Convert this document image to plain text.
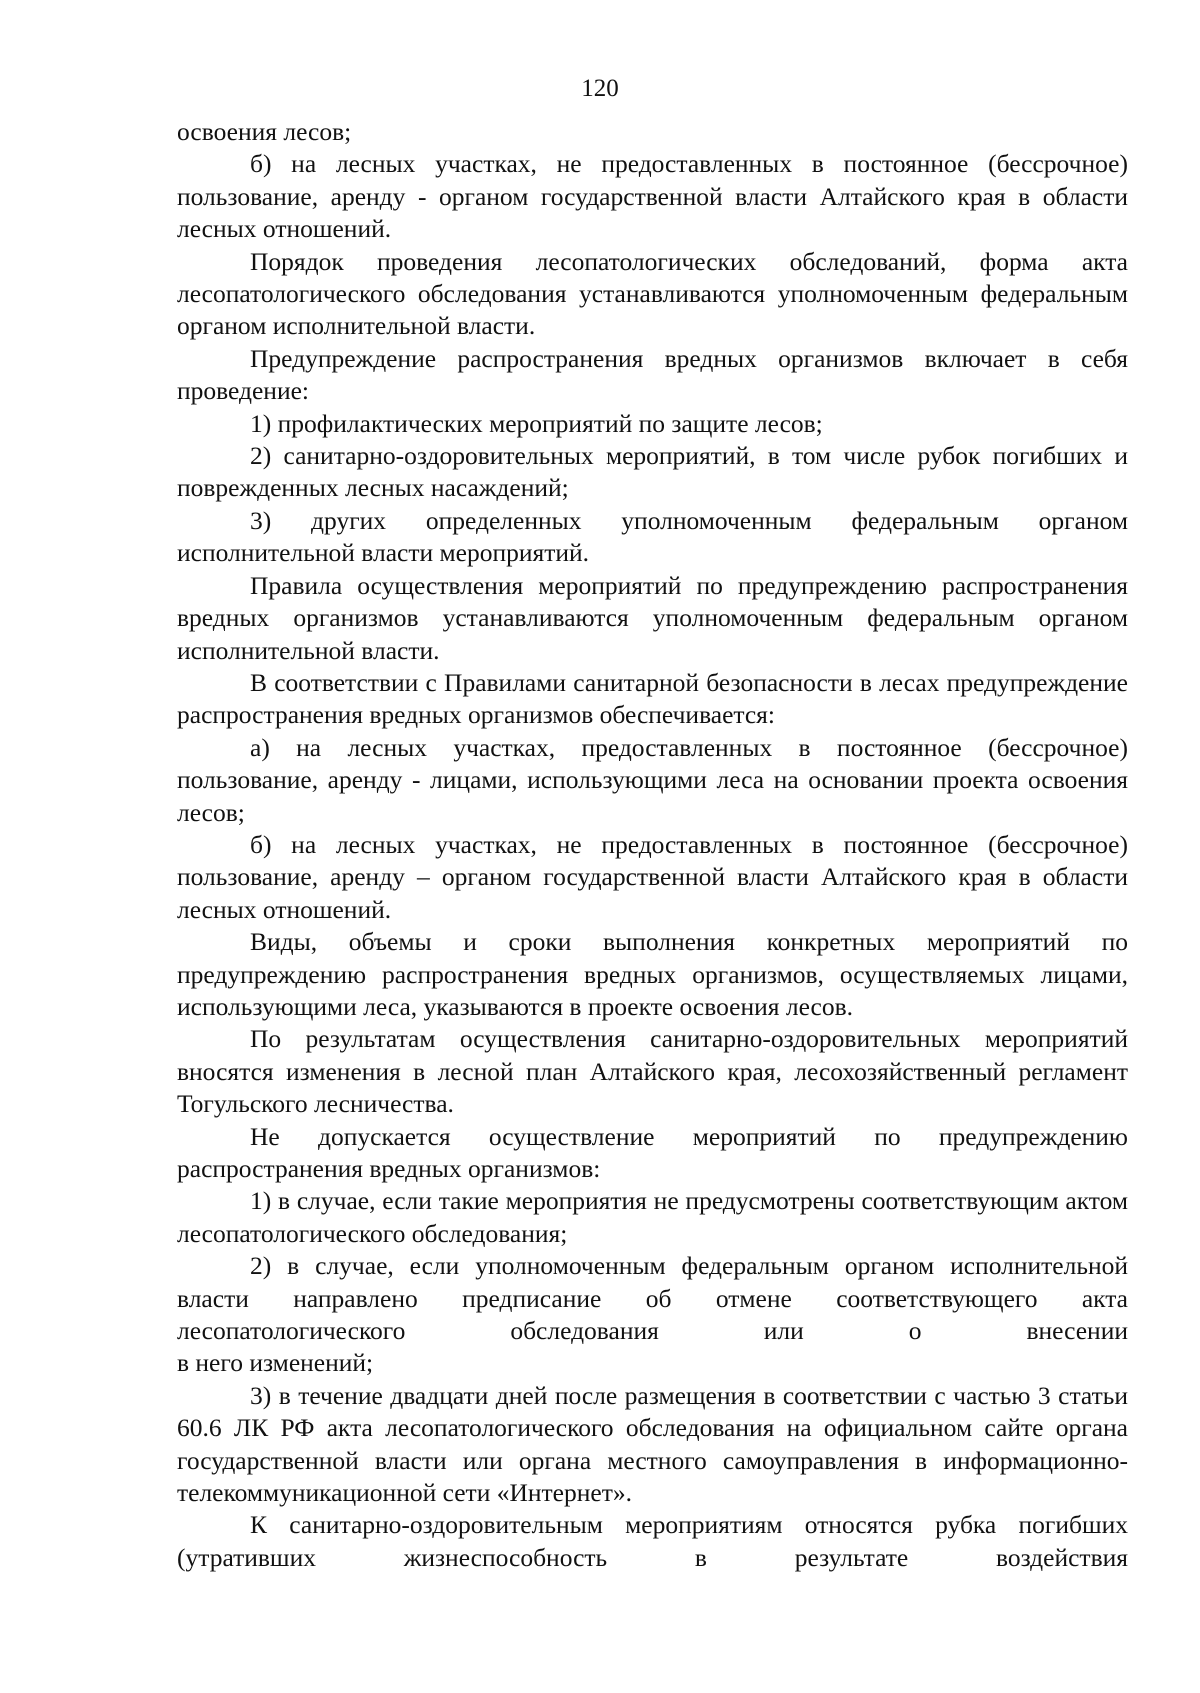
120

освоения лесов;

б) на лесных участках, не предоставленных в постоянное (бессрочное) пользование, аренду - органом государственной власти Алтайского края в области лесных отношений.

Порядок проведения лесопатологических обследований, форма акта лесопатологического обследования устанавливаются уполномоченным федеральным органом исполнительной власти.

Предупреждение распространения вредных организмов включает в себя проведение:

1) профилактических мероприятий по защите лесов;

2) санитарно-оздоровительных мероприятий, в том числе рубок погибших и поврежденных лесных насаждений;

3) других определенных уполномоченным федеральным органом исполнительной власти мероприятий.

Правила осуществления мероприятий по предупреждению распространения вредных организмов устанавливаются уполномоченным федеральным органом исполнительной власти.

В соответствии с Правилами санитарной безопасности в лесах предупреждение распространения вредных организмов обеспечивается:

а) на лесных участках, предоставленных в постоянное (бессрочное) пользование, аренду - лицами, использующими леса на основании проекта освоения лесов;

б) на лесных участках, не предоставленных в постоянное (бессрочное) пользование, аренду – органом государственной власти Алтайского края в области лесных отношений.

Виды, объемы и сроки выполнения конкретных мероприятий по предупреждению распространения вредных организмов, осуществляемых лицами, использующими леса, указываются в проекте освоения лесов.

По результатам осуществления санитарно-оздоровительных мероприятий вносятся изменения в лесной план Алтайского края, лесохозяйственный регламент Тогульского лесничества.

Не допускается осуществление мероприятий по предупреждению распространения вредных организмов:

1) в случае, если такие мероприятия не предусмотрены соответствующим актом лесопатологического обследования;

2) в случае, если уполномоченным федеральным органом исполнительной власти направлено предписание об отмене соответствующего акта лесопатологического обследования или о внесении

в него изменений;

3) в течение двадцати дней после размещения в соответствии с частью 3 статьи 60.6 ЛК РФ акта лесопатологического обследования на официальном сайте органа государственной власти или органа местного самоуправления в информационно-телекоммуникационной сети «Интернет».

К санитарно-оздоровительным мероприятиям относятся рубка погибших (утративших жизнеспособность в результате воздействия
